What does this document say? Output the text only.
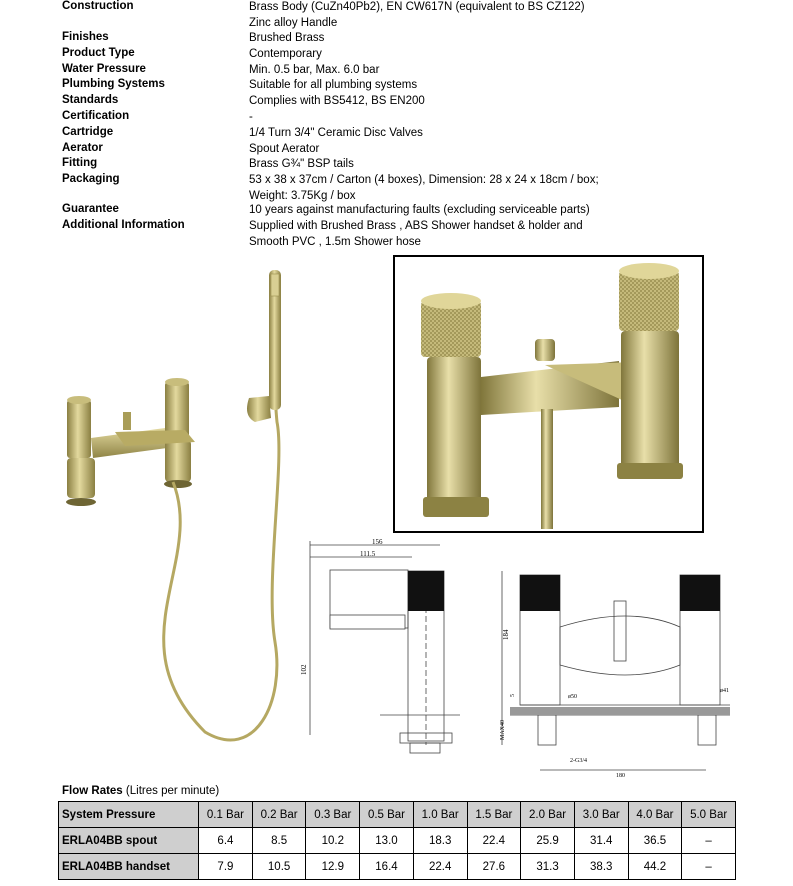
Construction	Brass Body (CuZn40Pb2), EN CW617N (equivalent to BS CZ122)
Zinc alloy Handle
Finishes	Brushed Brass
Product Type	Contemporary
Water Pressure	Min. 0.5 bar, Max. 6.0 bar
Plumbing Systems	Suitable for all plumbing systems
Standards	Complies with BS5412, BS EN200
Certification	-
Cartridge	1/4 Turn 3/4" Ceramic Disc Valves
Aerator	Spout Aerator
Fitting	Brass G¾" BSP tails
Packaging	53 x 38 x 37cm / Carton (4 boxes), Dimension: 28 x 24 x 18cm / box;
Weight: 3.75Kg / box
Guarantee	10 years against manufacturing faults (excluding serviceable parts)
Additional Information	Supplied with Brushed Brass , ABS Shower handset & holder and
Smooth PVC , 1.5m Shower hose
156
111.5
102
184
5
MAX40
ø50
ø41
2-G3/4
180
Flow Rates (Litres per minute)
System Pressure	0.1 Bar	0.2 Bar	0.3 Bar	0.5 Bar	1.0 Bar	1.5 Bar	2.0 Bar	3.0 Bar	4.0 Bar	5.0 Bar
ERLA04BB spout	6.4	8.5	10.2	13.0	18.3	22.4	25.9	31.4	36.5	–
ERLA04BB handset	7.9	10.5	12.9	16.4	22.4	27.6	31.3	38.3	44.2	–
